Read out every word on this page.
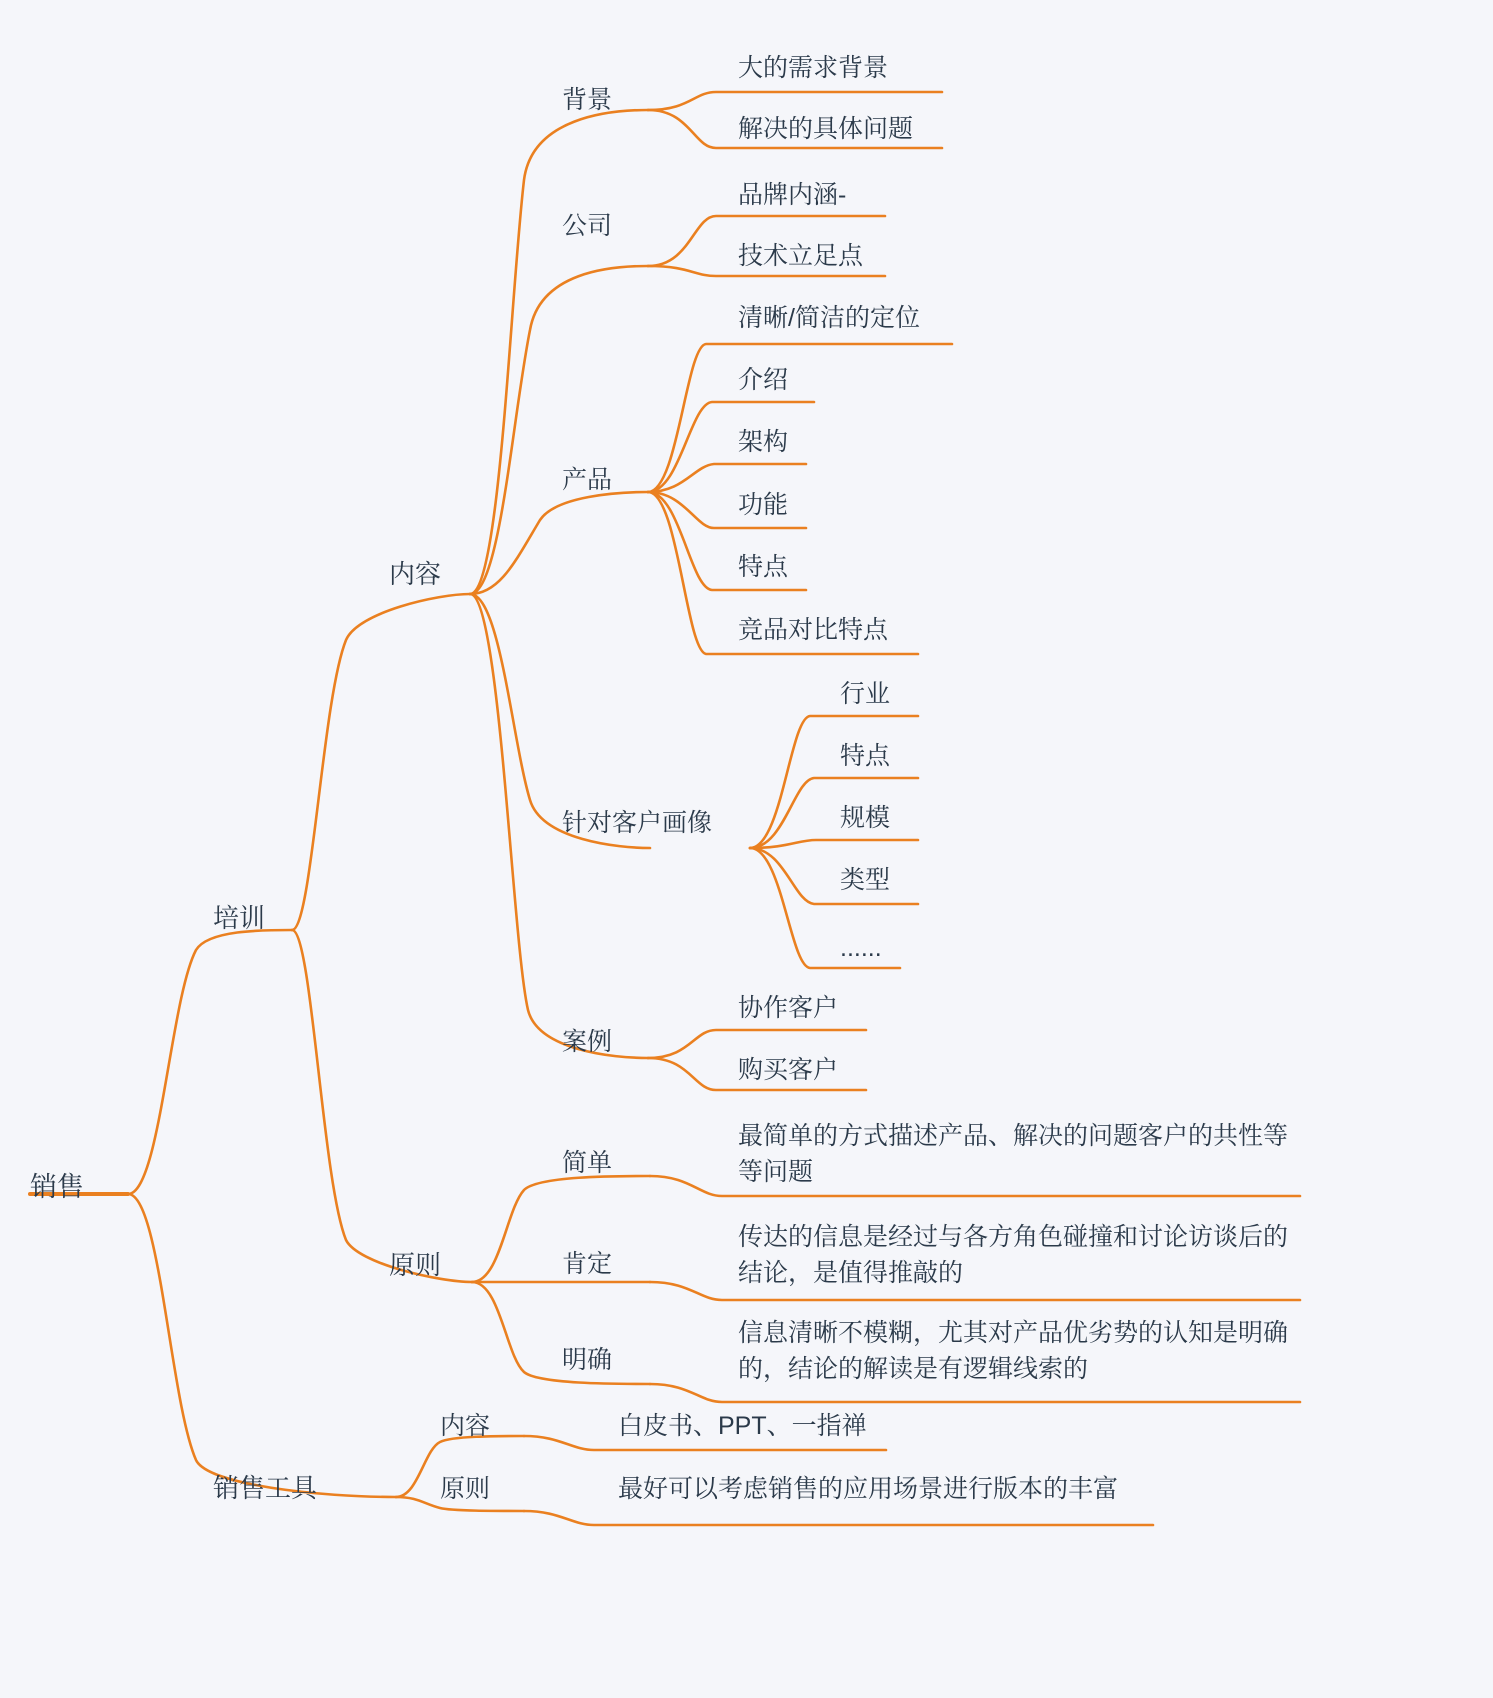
销售
培训
销售工具
内容
原则
背景
公司
产品
针对客户画像
案例
简单
肯定
明确
内容
原则
大的需求背景
解决的具体问题
品牌内涵-
技术立足点
清晰/简洁的定位
介绍
架构
功能
特点
竞品对比特点
行业
特点
规模
类型
......
协作客户
购买客户
最简单的方式描述产品、解决的问题客户的共性等等问题
传达的信息是经过与各方角色碰撞和讨论访谈后的结论，是值得推敲的
信息清晰不模糊，尤其对产品优劣势的认知是明确的，结论的解读是有逻辑线索的
白皮书、PPT、一指禅
最好可以考虑销售的应用场景进行版本的丰富
